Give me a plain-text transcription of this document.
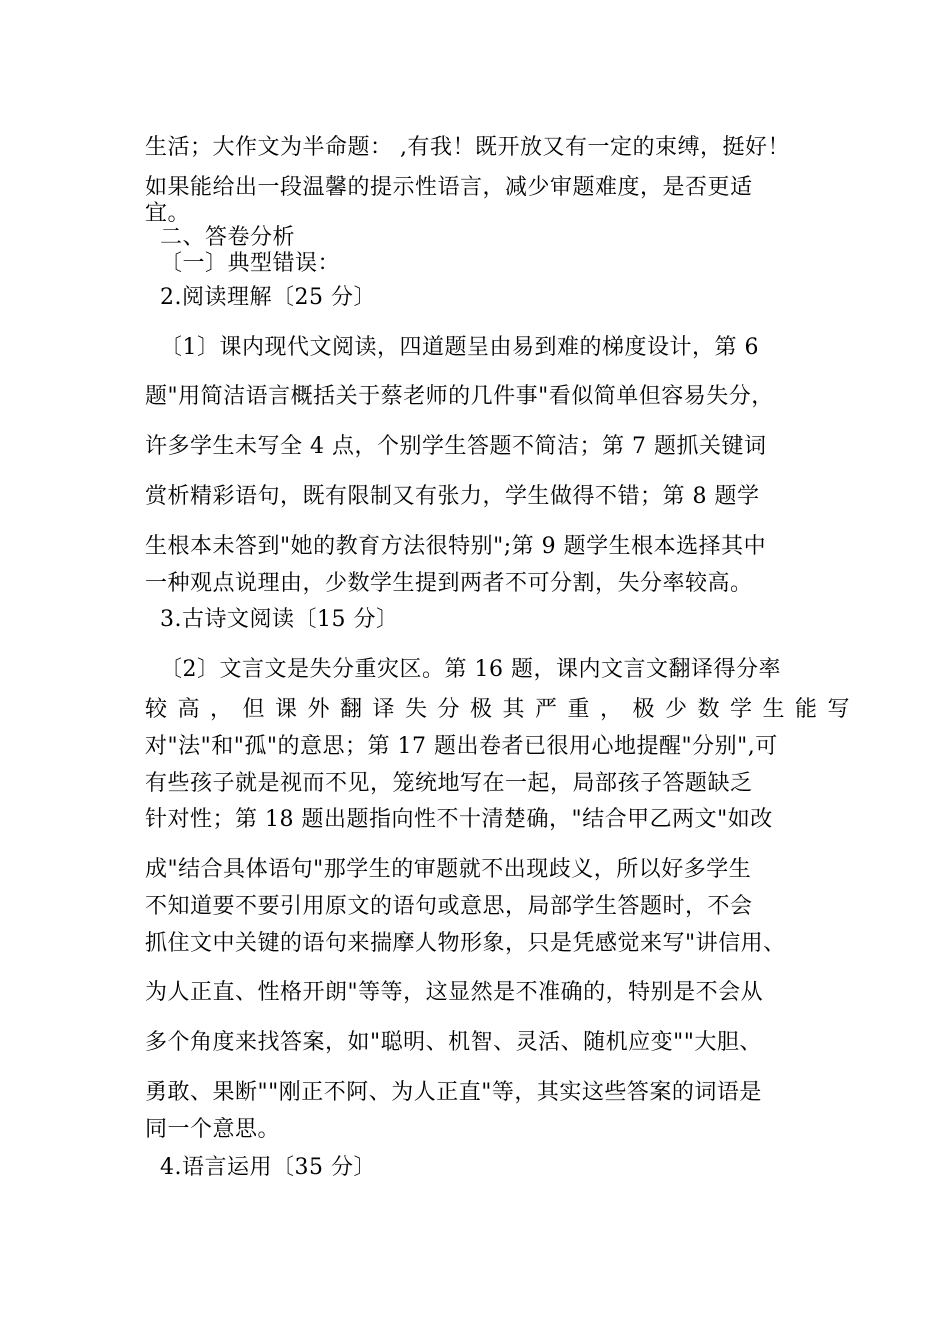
生活；大作文为半命题： ,有我！既开放又有一定的束缚，挺好！
如果能给出一段温馨的提示性语言，减少审题难度，是否更适
宜。
二、答卷分析
〔一〕典型错误：
2.阅读理解〔25 分〕
〔1〕课内现代文阅读，四道题呈由易到难的梯度设计，第 6
题"用简洁语言概括关于蔡老师的几件事"看似简单但容易失分，
许多学生未写全 4 点，个别学生答题不简洁；第 7 题抓关键词
赏析精彩语句，既有限制又有张力，学生做得不错；第 8 题学
生根本未答到"她的教育方法很特别";第 9 题学生根本选择其中
一种观点说理由，少数学生提到两者不可分割，失分率较高。
3.古诗文阅读〔15 分〕
〔2〕文言文是失分重灾区。第 16 题，课内文言文翻译得分率
较高，但课外翻译失分极其严重，极少数学生能写
对"法"和"孤"的意思；第 17 题出卷者已很用心地提醒"分别",可
有些孩子就是视而不见，笼统地写在一起，局部孩子答题缺乏
针对性；第 18 题出题指向性不十清楚确，"结合甲乙两文"如改
成"结合具体语句"那学生的审题就不出现歧义，所以好多学生
不知道要不要引用原文的语句或意思，局部学生答题时，不会
抓住文中关键的语句来揣摩人物形象，只是凭感觉来写"讲信用、
为人正直、性格开朗"等等，这显然是不准确的，特别是不会从
多个角度来找答案，如"聪明、机智、灵活、随机应变""大胆、
勇敢、果断""刚正不阿、为人正直"等，其实这些答案的词语是
同一个意思。
4.语言运用〔35 分〕
